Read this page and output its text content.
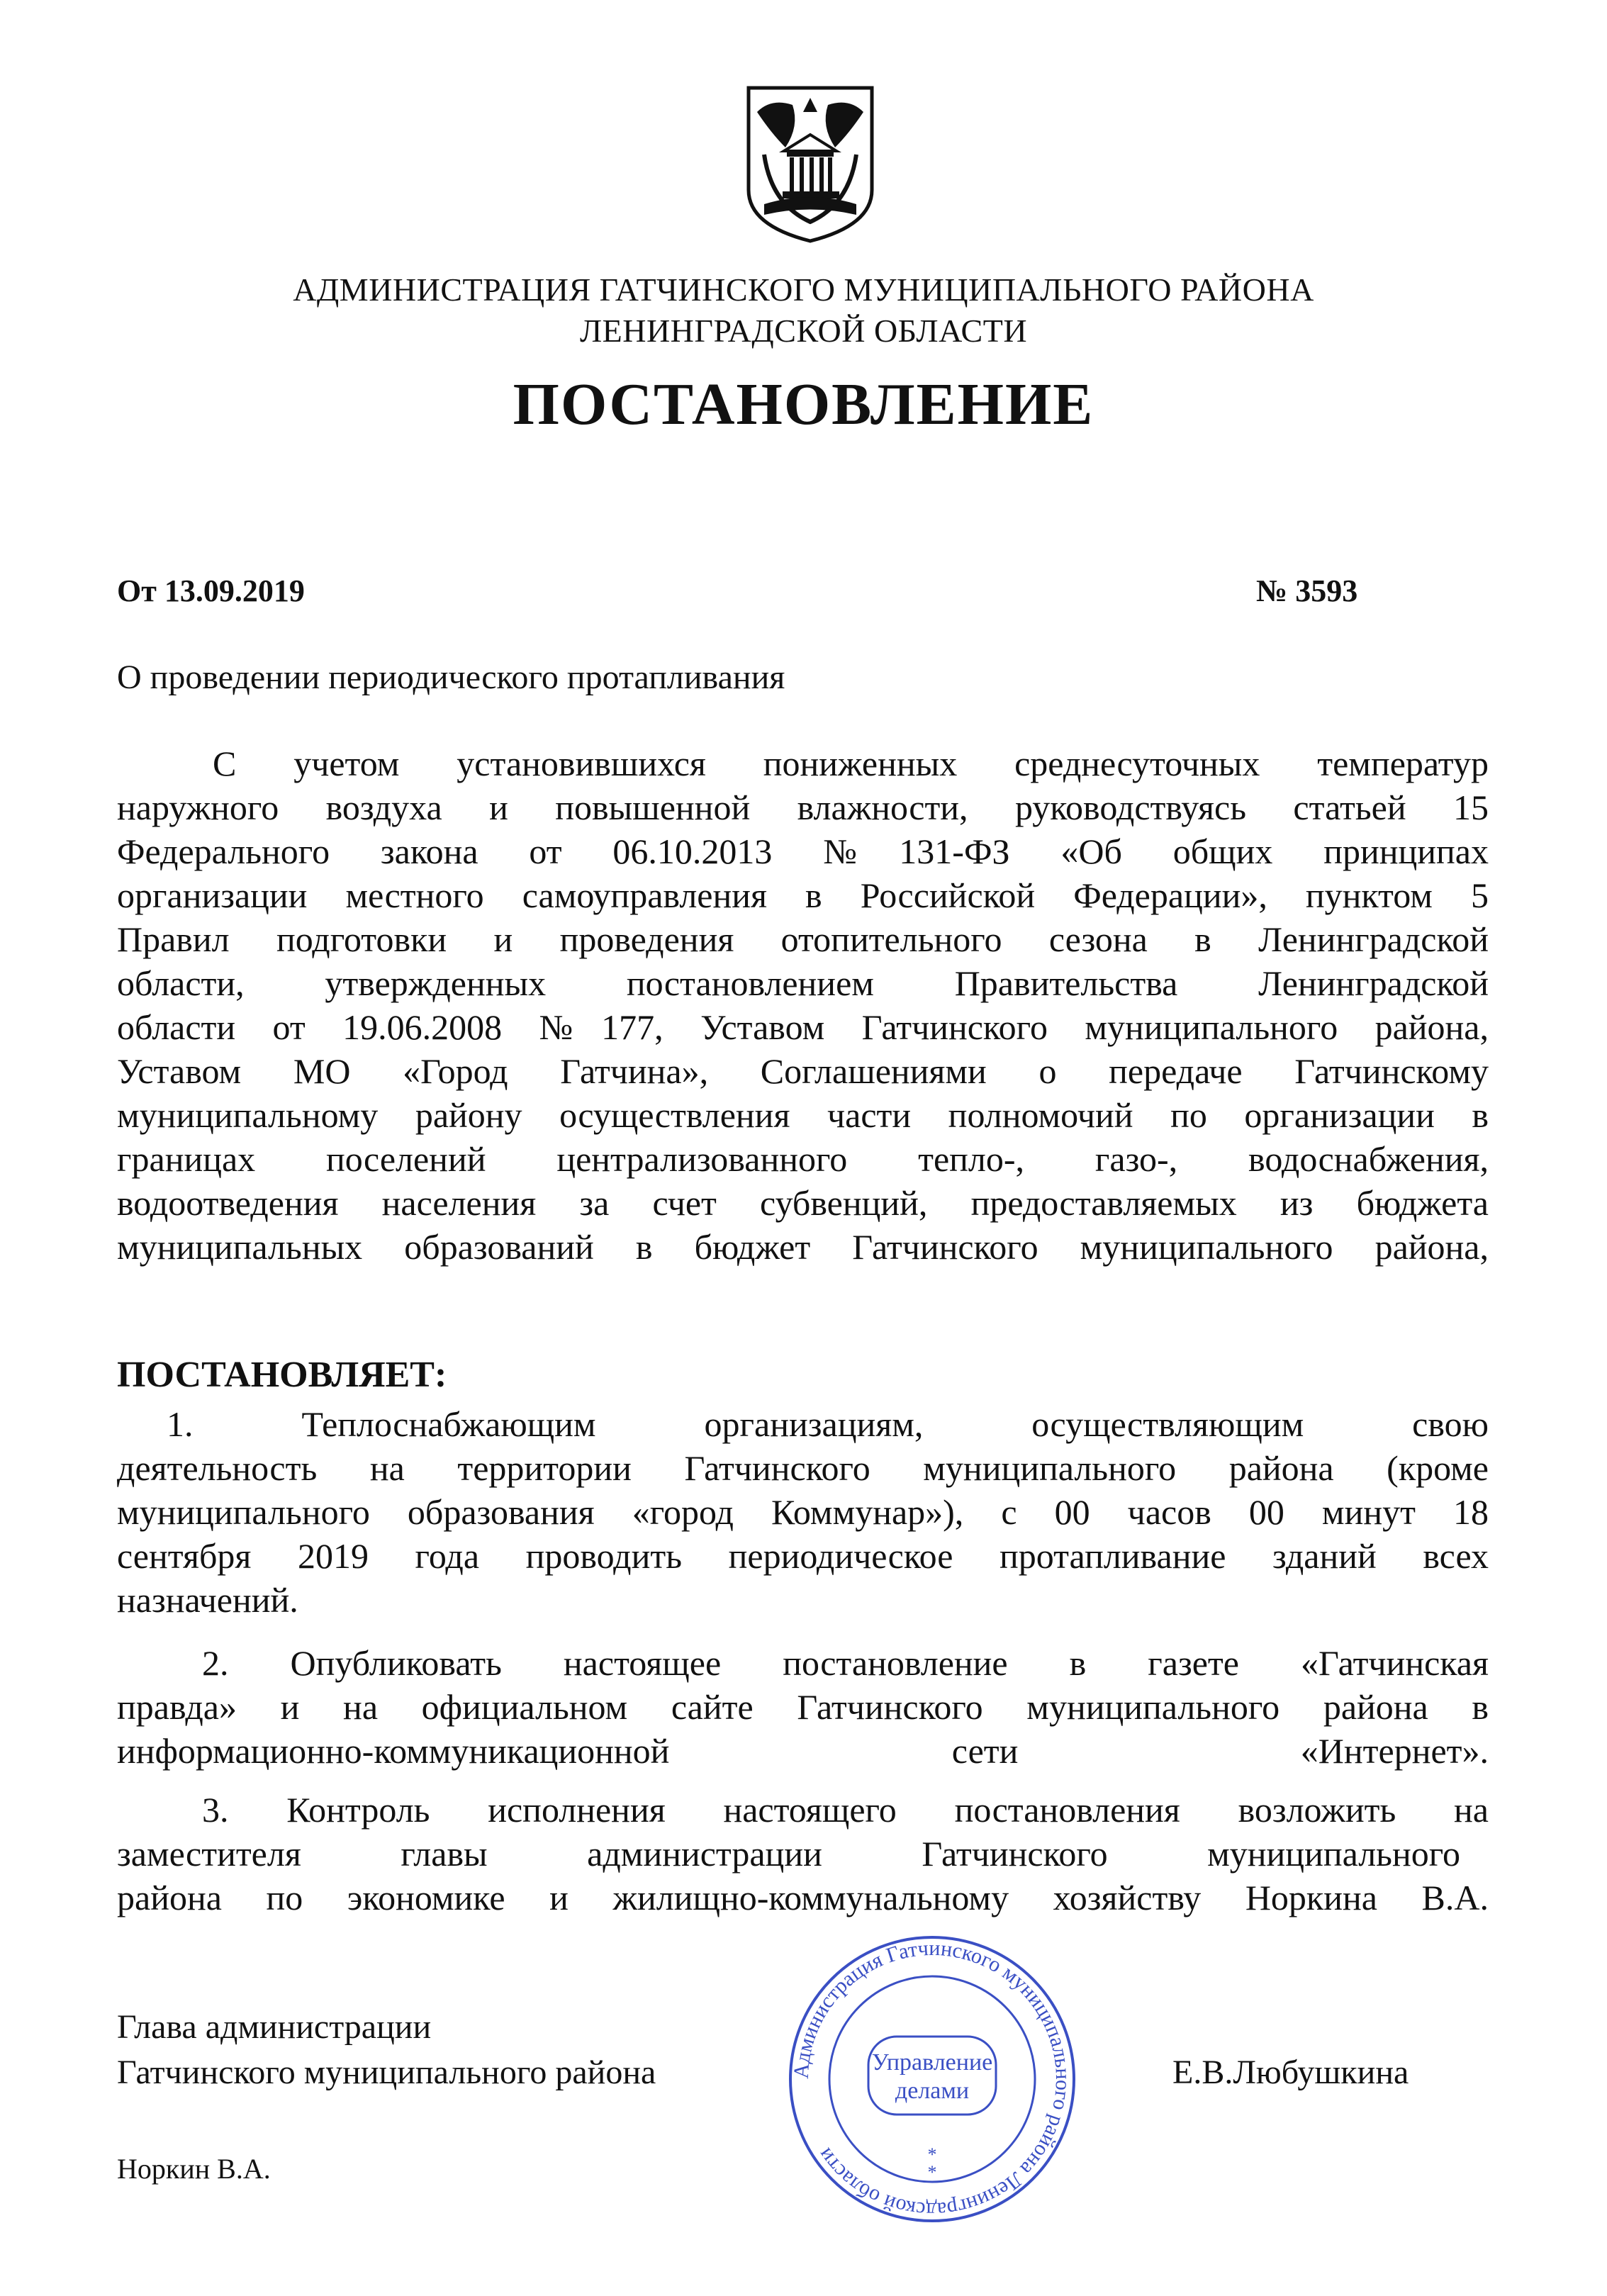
АДМИНИСТРАЦИЯ ГАТЧИНСКОГО МУНИЦИПАЛЬНОГО РАЙОНА
ЛЕНИНГРАДСКОЙ ОБЛАСТИ
ПОСТАНОВЛЕНИЕ
От 13.09.2019	№ 3593
О проведении периодического протапливания
С учетом установившихся пониженных среднесуточных температур
наружного воздуха и повышенной влажности, руководствуясь статьей 15
Федерального закона от 06.10.2013 №131-ФЗ «Об общих принципах
организации местного самоуправления в Российской Федерации», пунктом 5
Правил подготовки и проведения отопительного сезона в Ленинградской
области, утвержденных постановлением Правительства Ленинградской
области от 19.06.2008 №177, Уставом Гатчинского муниципального района,
Уставом МО «Город Гатчина», Соглашениями о передаче Гатчинскому
муниципальному району осуществления части полномочий по организации в
границах поселений централизованного тепло-, газо-, водоснабжения,
водоотведения населения за счет субвенций, предоставляемых из бюджета
муниципальных образований в бюджет Гатчинского муниципального района,
ПОСТАНОВЛЯЕТ:
1. Теплоснабжающим организациям, осуществляющим свою
деятельность на территории Гатчинского муниципального района (кроме
муниципального образования «город Коммунар»), с 00 часов 00 минут 18
сентября 2019 года проводить периодическое протапливание зданий всех
назначений.
2. Опубликовать настоящее постановление в газете «Гатчинская
правда» и на официальном сайте Гатчинского муниципального района в
информационно-коммуникационной сети «Интернет».
3. Контроль исполнения настоящего постановления возложить на
заместителя главы администрации Гатчинского муниципального
района по экономике и жилищно-коммунальному хозяйству Норкина В.А.
Администрация Гатчинского муниципального района Ленинградской области
Управление
делами
*
*
Глава администрации
Гатчинского муниципального района	Е.В.Любушкина
Норкин В.А.
